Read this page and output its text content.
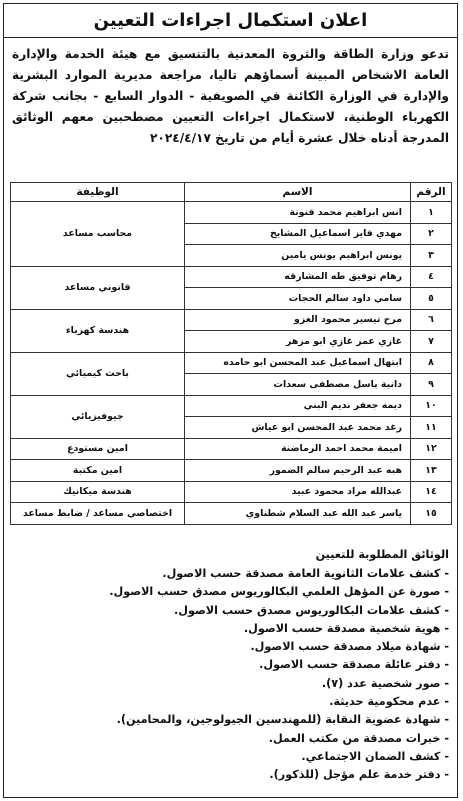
اعلان استكمال اجراءات التعيين
تدعو وزارة الطاقة والثروة المعدنية بالتنسيق مع هيئة الخدمة والإدارة العامة الاشخاص المبينة أسماؤهم تاليا، مراجعة مديرية الموارد البشرية والإدارة في الوزارة الكائنة في الصويفية - الدوار السابع - بجانب شركة الكهرباء الوطنية، لاستكمال اجراءات التعيين مصطحبين معهم الوثائق المدرجة أدناه خلال عشرة أيام من تاريخ ٢٠٢٤/٤/١٧
الرقم	الاسم	الوظيفة
١	انس ابراهيم محمد قنونة	محاسب مساعد
٢	مهدي فايز اسماعيل المشايخ	
٣	يونس ابراهيم يونس يامين	
٤	رهام توفيق طه المشارقه	قانوني مساعد
٥	سامي داود سالم الحجات	
٦	مرح تيسير محمود الغزو	هندسة كهرباء
٧	غازي عمر غازي ابو مزهر	
٨	ابتهال اسماعيل عبد المحسن ابو حامده	باحث كيميائي
٩	دانية باسل مصطفى سعدات	
١٠	ديمه جعفر نديم البني	جيوفيزيائي
١١	رغد محمد عبد المحسن ابو عياش	
١٢	اميمة محمد احمد الرماضنة	امين مستودع
١٣	هبه عبد الرحيم سالم الضمور	امين مكتبة
١٤	عبدالله مراد محمود عبيد	هندسة ميكانيك
١٥	ياسر عبد الله عبد السلام شطناوي	اختصاصي مساعد / ضابط مساعد
الوثائق المطلوبة للتعيين
- كشف علامات الثانوية العامة مصدقة حسب الاصول.
- صورة عن المؤهل العلمي البكالوريوس مصدق حسب الاصول.
- كشف علامات البكالوريوس مصدق حسب الاصول.
- هوية شخصية مصدقة حسب الاصول.
- شهادة ميلاد مصدقة حسب الاصول.
- دفتر عائلة مصدقة حسب الاصول.
- صور شخصية عدد (٧).
- عدم محكومية حديثة.
- شهادة عضوية النقابة (للمهندسين الجيولوجين، والمحامين).
- خبرات مصدقة من مكتب العمل.
- كشف الضمان الاجتماعي.
- دفتر خدمة علم مؤجل (للذكور).
